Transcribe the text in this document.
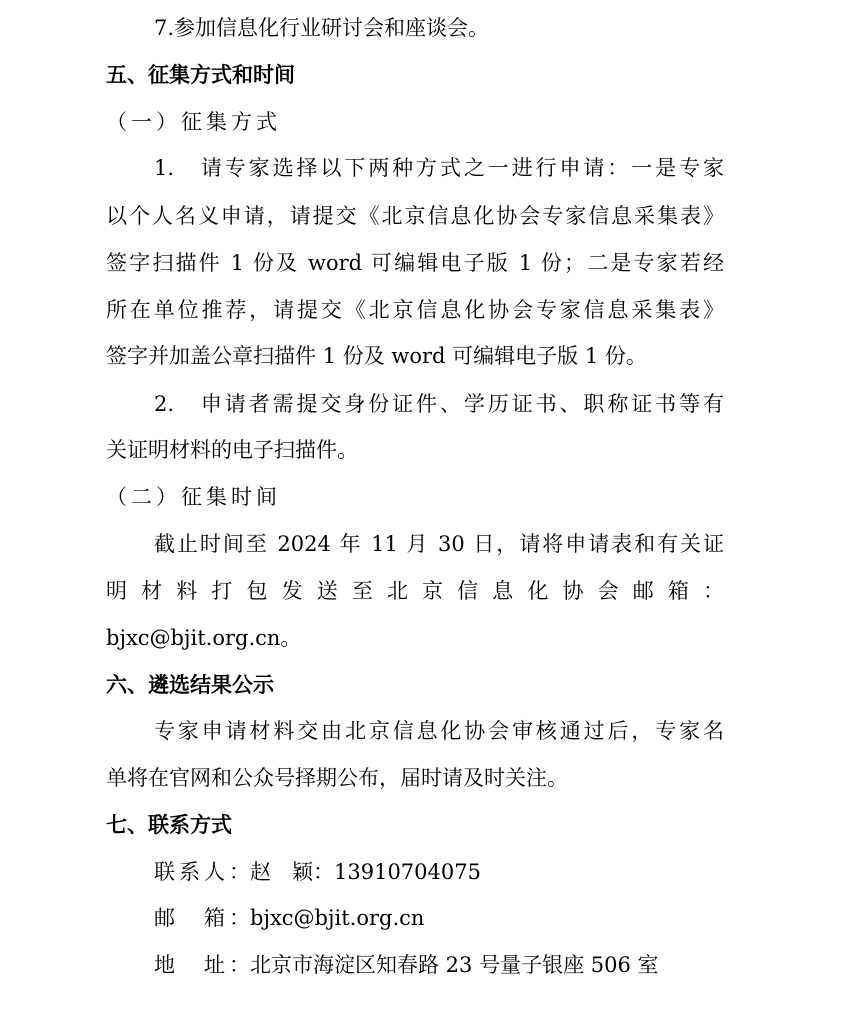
7.参加信息化行业研讨会和座谈会。
五、征集方式和时间
（一）征集方式
1.　请专家选择以下两种方式之一进行申请：一是专家
以个人名义申请，请提交《北京信息化协会专家信息采集表》
签字扫描件 1 份及 word 可编辑电子版 1 份；二是专家若经
所在单位推荐，请提交《北京信息化协会专家信息采集表》
签字并加盖公章扫描件 1 份及 word 可编辑电子版 1 份。
2.　申请者需提交身份证件、学历证书、职称证书等有
关证明材料的电子扫描件。
（二）征集时间
截止时间至 2024 年 11 月 30 日，请将申请表和有关证
明材料打包发送至北京信息化协会邮箱：
bjxc@bjit.org.cn。
六、遴选结果公示
专家申请材料交由北京信息化协会审核通过后，专家名
单将在官网和公众号择期公布，届时请及时关注。
七、联系方式
联系人：赵　颖：13910704075
邮　箱：bjxc@bjit.org.cn
地　址：北京市海淀区知春路 23 号量子银座 506 室
